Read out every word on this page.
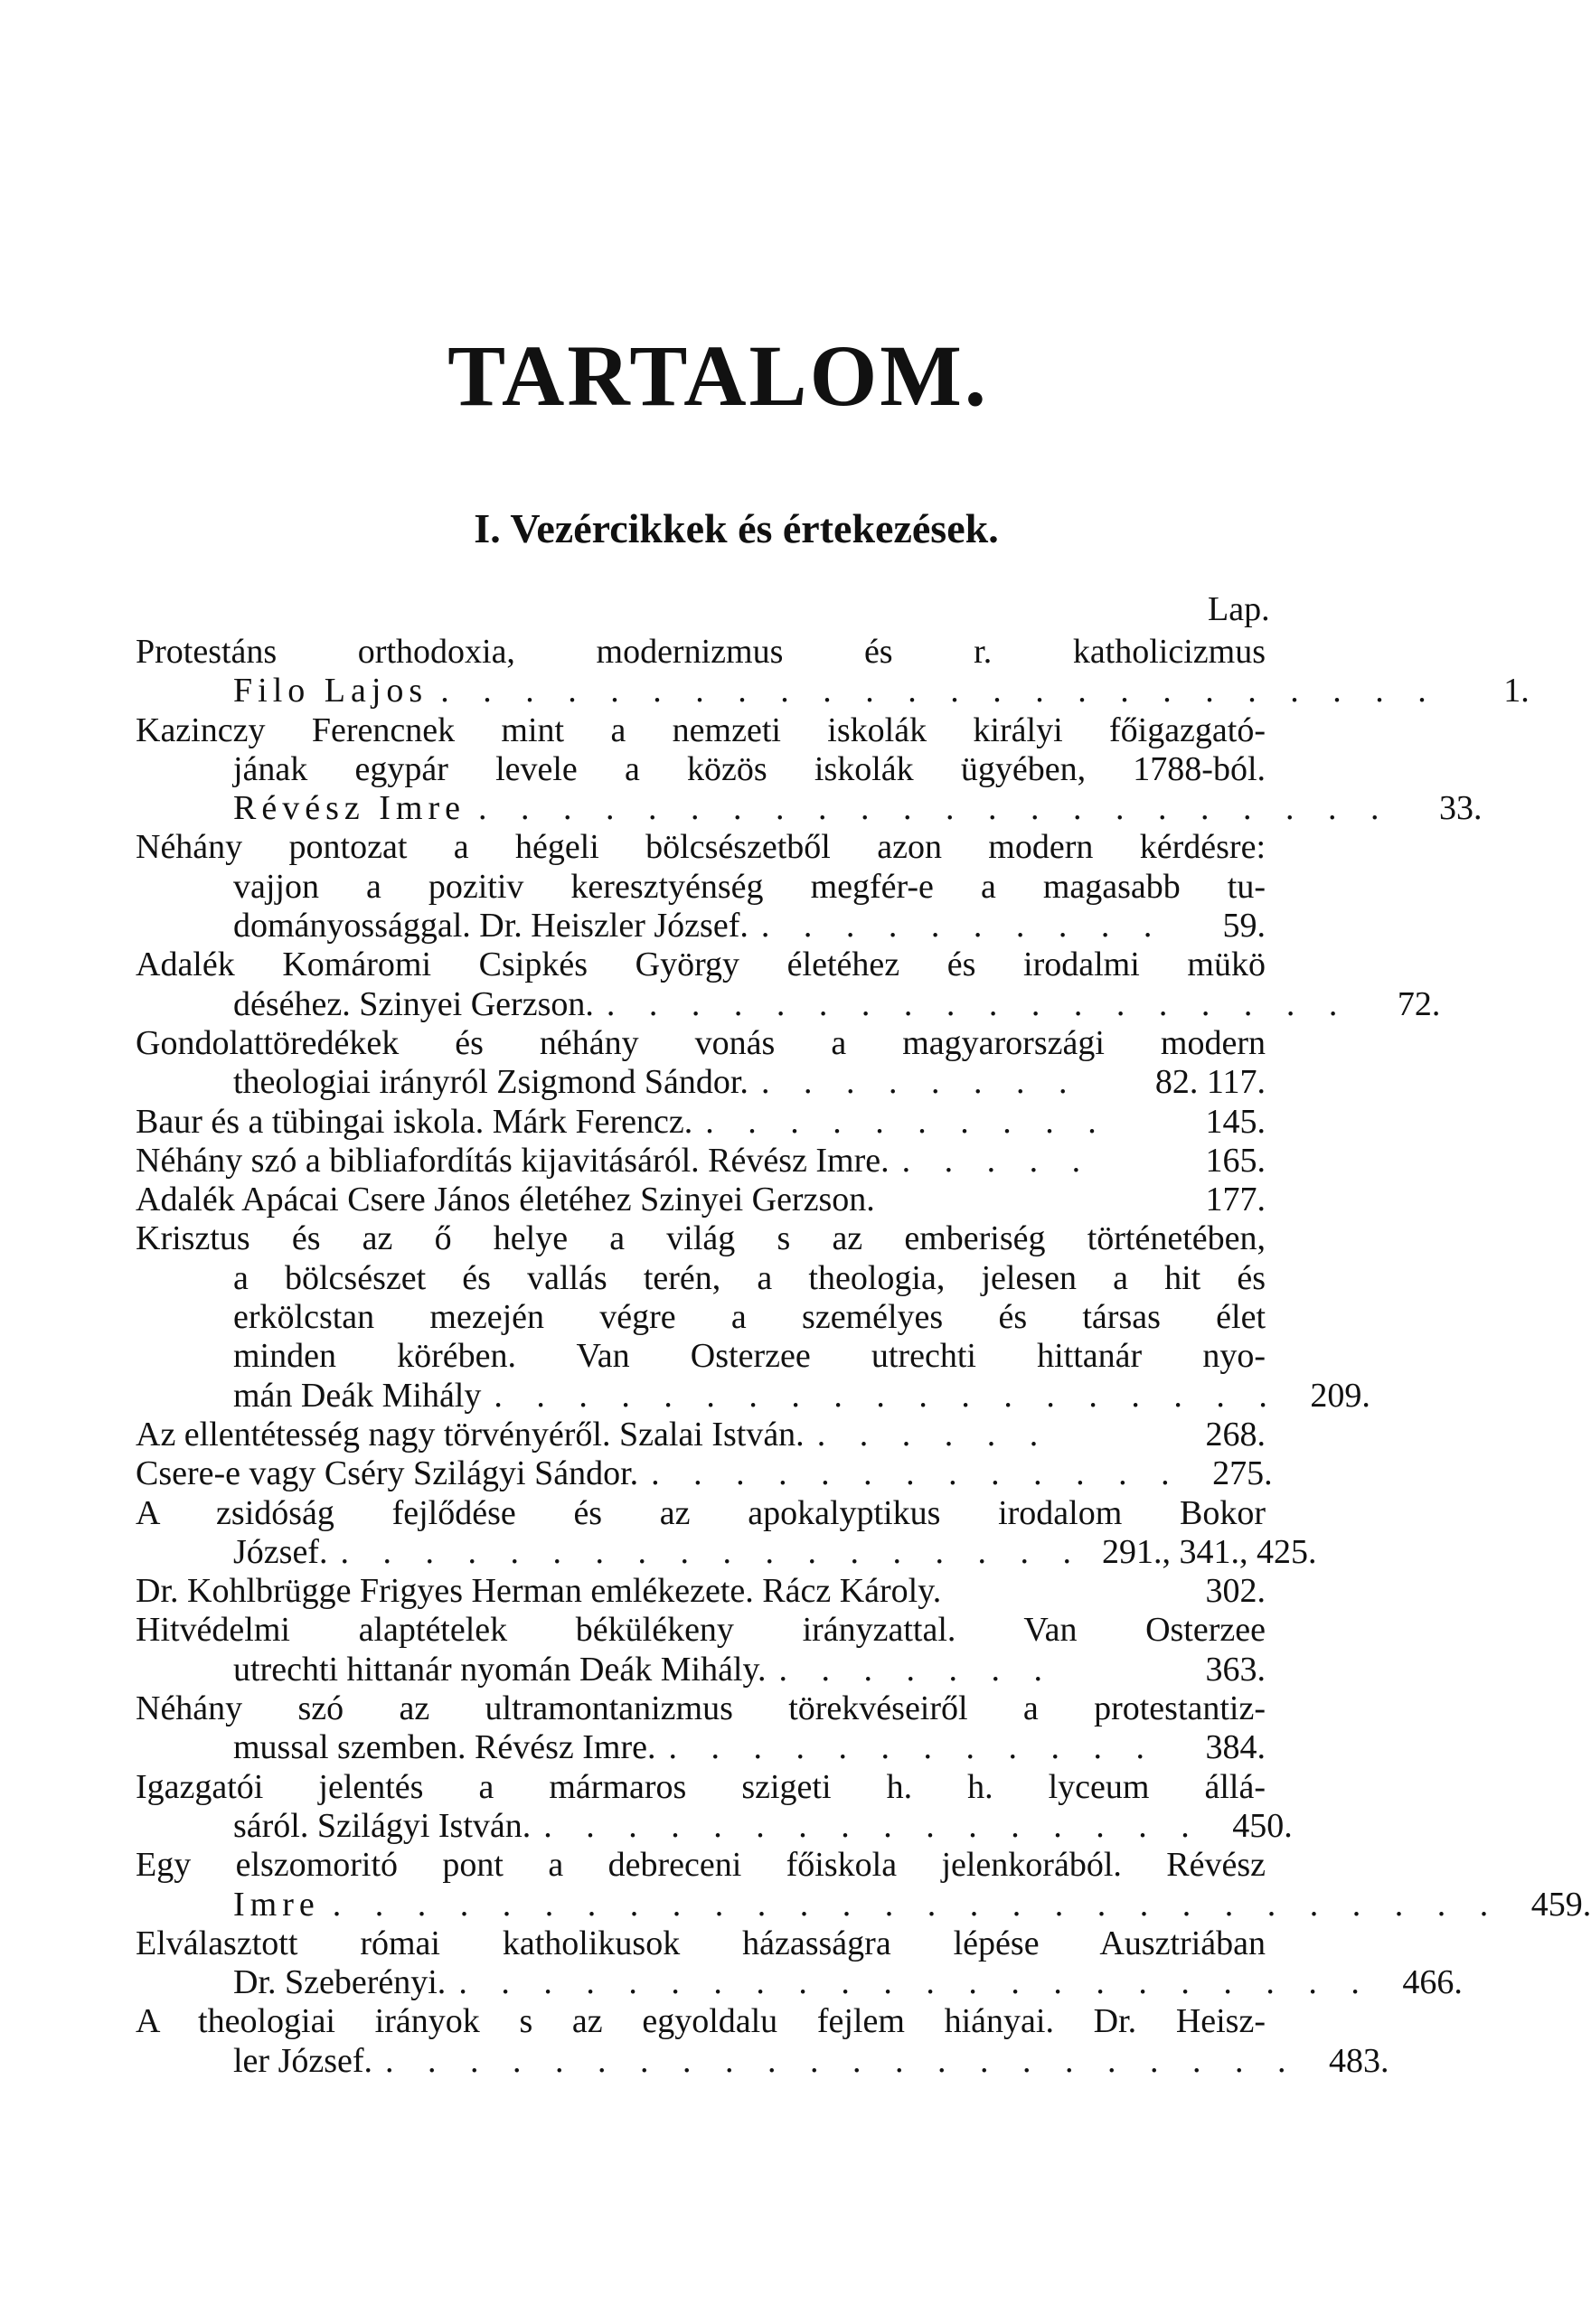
TARTALOM.
I. Vezércikkek és értekezések.
Lap.
Protestáns orthodoxia, modernizmus és r. katholicizmus
Filo Lajos . . . . . . . . . . . . . . . . . . . . . . . .	1.
Kazinczy Ferencnek mint a nemzeti iskolák királyi főigazgató-
jának egypár levele a közös iskolák ügyében, 1788-ból.
Révész Imre . . . . . . . . . . . . . . . . . . . . . .	33.
Néhány pontozat a hégeli bölcsészetből azon modern kérdésre:
vajjon a pozitiv keresztyénség megfér-e a magasabb tu-
dományossággal. Dr. Heiszler József. . . . . . . . . . .	59.
Adalék Komáromi Csipkés György életéhez és irodalmi mükö
déséhez. Szinyei Gerzson. . . . . . . . . . . . . . . . . . .	72.
Gondolattöredékek és néhány vonás a magyarországi modern
theologiai irányról Zsigmond Sándor. . . . . . . . .	82. 117.
Baur és a tübingai iskola. Márk Ferencz. . . . . . . . . . .	145.
Néhány szó a bibliafordítás kijavitásáról. Révész Imre. . . . . .	165.
Adalék Apácai Csere János életéhez Szinyei Gerzson.	177.
Krisztus és az ő helye a világ s az emberiség történetében,
a bölcsészet és vallás terén, a theologia, jelesen a hit és
erkölcstan mezején végre a személyes és társas élet
minden körében. Van Osterzee utrechti hittanár nyo-
mán Deák Mihály . . . . . . . . . . . . . . . . . . . 209.
Az ellentétesség nagy törvényéről. Szalai István. . . . . . .	268.
Csere-e vagy Cséry Szilágyi Sándor. . . . . . . . . . . . . . 275.
A zsidóság fejlődése és az apokalyptikus irodalom Bokor
József. . . . . . . . . . . . . . . . . . . 291., 341., 425.
Dr. Kohlbrügge Frigyes Herman emlékezete. Rácz Károly.	302.
Hitvédelmi alaptételek békülékeny irányzattal. Van Osterzee
utrechti hittanár nyomán Deák Mihály. . . . . . . .	363.
Néhány szó az ultramontanizmus törekvéseiről a protestantiz-
mussal szemben. Révész Imre. . . . . . . . . . . . .	384.
Igazgatói jelentés a mármaros szigeti h. h. lyceum állá-
sáról. Szilágyi István. . . . . . . . . . . . . . . . . 450.
Egy elszomoritó pont a debreceni főiskola jelenkorából. Révész
Imre . . . . . . . . . . . . . . . . . . . . . . . . . . . . 459.
Elválasztott római katholikusok házasságra lépése Ausztriában
Dr. Szeberényi. . . . . . . . . . . . . . . . . . . . . . . 466.
A theologiai irányok s az egyoldalu fejlem hiányai. Dr. Heisz-
ler József. . . . . . . . . . . . . . . . . . . . . . . 483.
